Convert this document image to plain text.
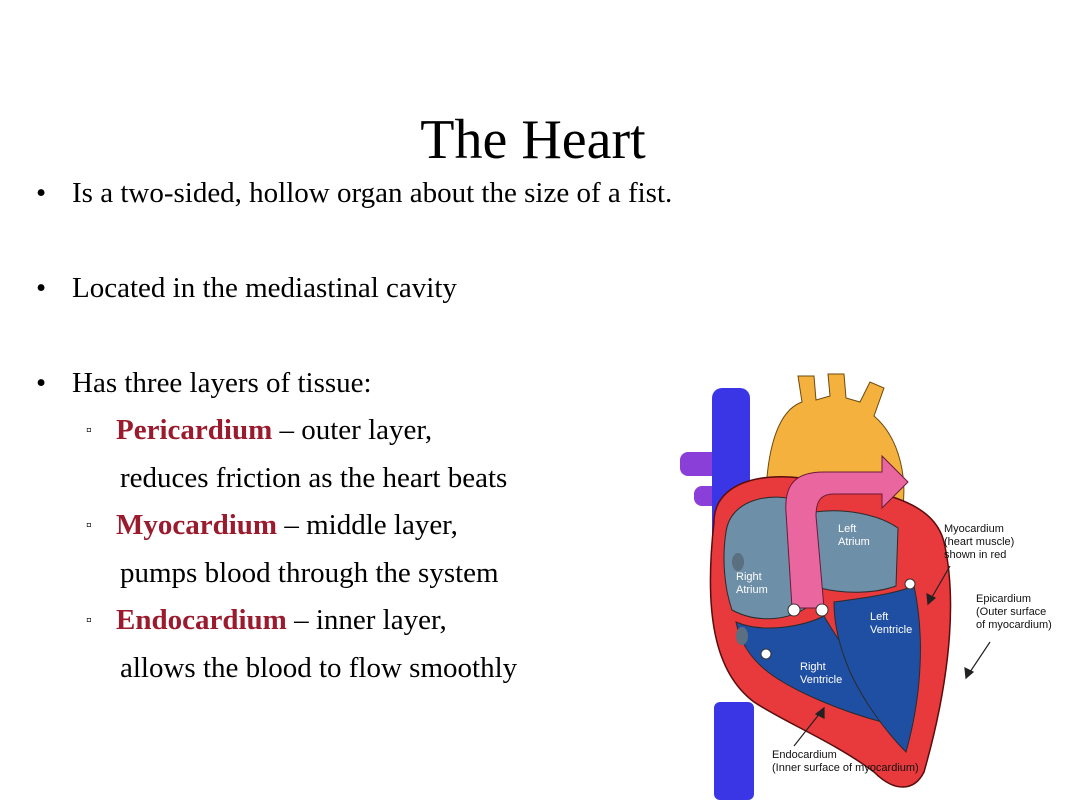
The Heart
• Is a two-sided, hollow organ about the size of a fist.
• Located in the mediastinal cavity
• Has three layers of tissue:
▫ Pericardium – outer layer,
reduces friction as the heart beats
▫ Myocardium – middle layer,
pumps blood through the system
▫ Endocardium – inner layer,
allows the blood to flow smoothly
Left Atrium
Right Atrium
Left Ventricle
Right Ventricle
Myocardium (heart muscle) shown in red
Epicardium (Outer surface of myocardium)
Endocardium (Inner surface of myocardium)
